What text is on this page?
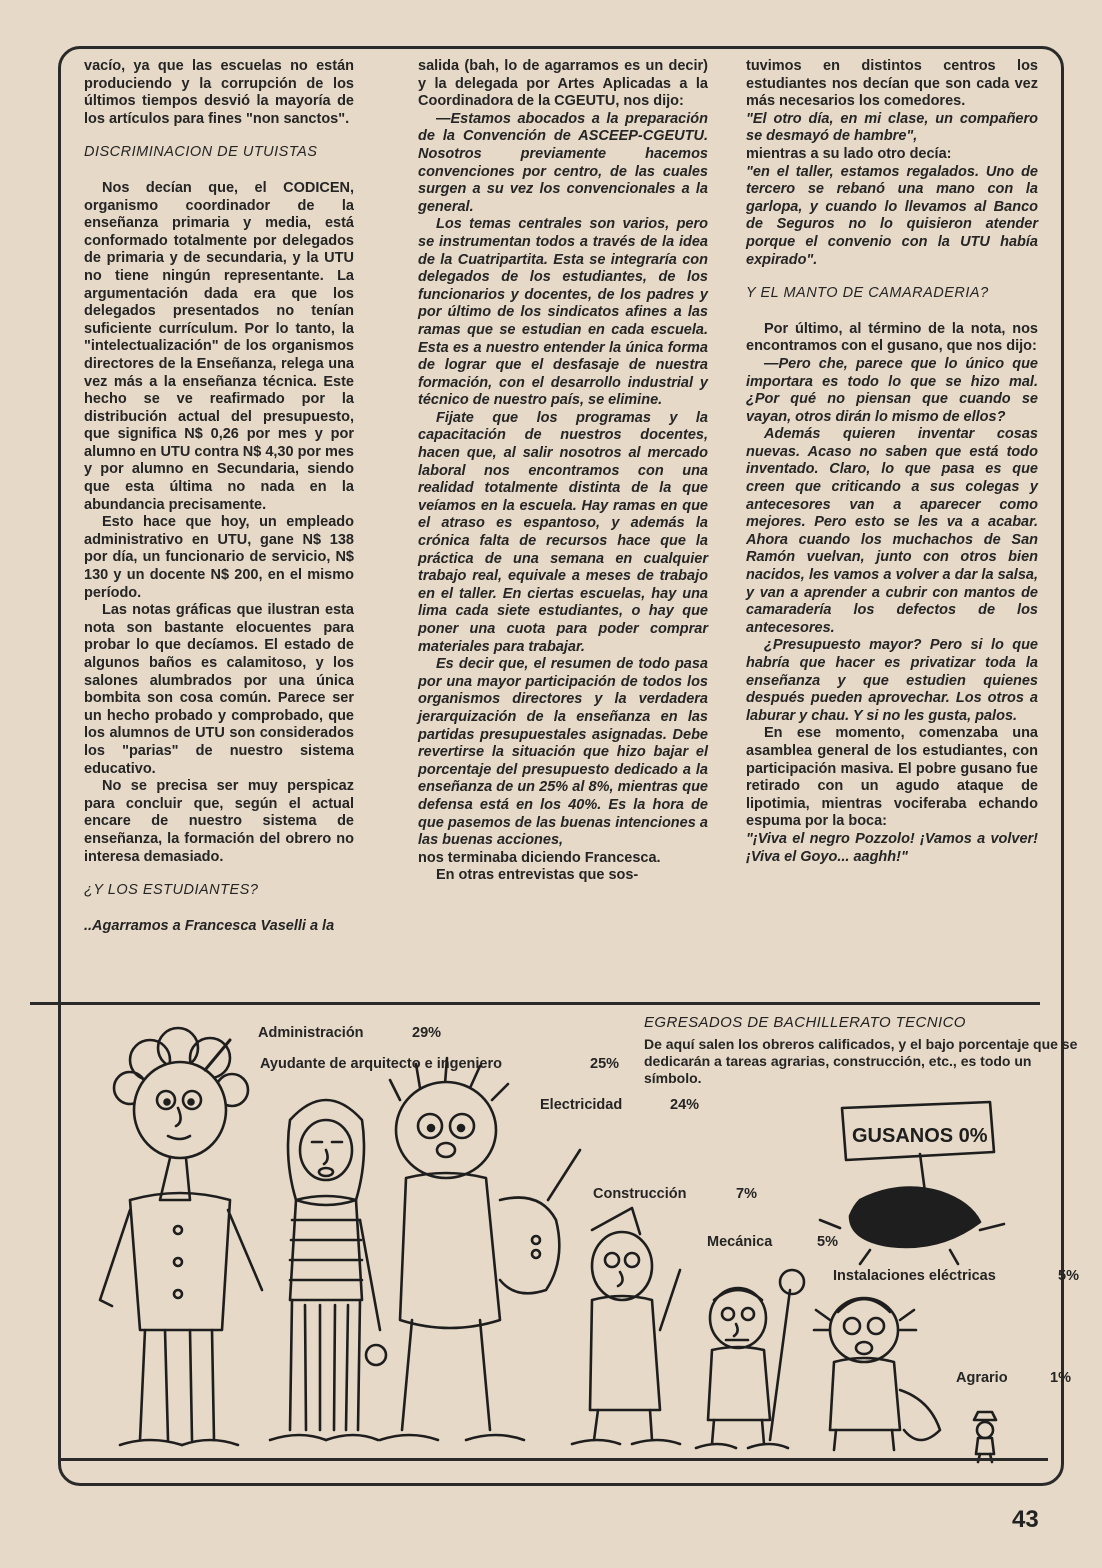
vacío, ya que las escuelas no están produciendo y la corrupción de los últimos tiempos desvió la mayoría de los artículos para fines "non sanctos".

DISCRIMINACION DE UTUISTAS

Nos decían que, el CODICEN, organismo coordinador de la enseñanza primaria y media, está conformado totalmente por delegados de primaria y de secundaria, y la UTU no tiene ningún representante. La argumentación dada era que los delegados presentados no tenían suficiente currículum. Por lo tanto, la "intelectualización" de los organismos directores de la Enseñanza, relega una vez más a la enseñanza técnica. Este hecho se ve reafirmado por la distribución actual del presupuesto, que significa N$ 0,26 por mes y por alumno en UTU contra N$ 4,30 por mes y por alumno en Secundaria, siendo que esta última no nada en la abundancia precisamente.

Esto hace que hoy, un empleado administrativo en UTU, gane N$ 138 por día, un funcionario de servicio, N$ 130 y un docente N$ 200, en el mismo período.

Las notas gráficas que ilustran esta nota son bastante elocuentes para probar lo que decíamos. El estado de algunos baños es calamitoso, y los salones alumbrados por una única bombita son cosa común. Parece ser un hecho probado y comprobado, que los alumnos de UTU son considerados los "parias" de nuestro sistema educativo.

No se precisa ser muy perspicaz para concluir que, según el actual encare de nuestro sistema de enseñanza, la formación del obrero no interesa demasiado.

¿Y LOS ESTUDIANTES?

..Agarramos a Francesca Vaselli a la

salida (bah, lo de agarramos es un decir) y la delegada por Artes Aplicadas a la Coordinadora de la CGEUTU, nos dijo:

—Estamos abocados a la preparación de la Convención de ASCEEP-CGEUTU. Nosotros previamente hacemos convenciones por centro, de las cuales surgen a su vez los convencionales a la general.

Los temas centrales son varios, pero se instrumentan todos a través de la idea de la Cuatripartita. Esta se integraría con delegados de los estudiantes, de los funcionarios y docentes, de los padres y por último de los sindicatos afines a las ramas que se estudian en cada escuela. Esta es a nuestro entender la única forma de lograr que el desfasaje de nuestra formación, con el desarrollo industrial y técnico de nuestro país, se elimine.

Fijate que los programas y la capacitación de nuestros docentes, hacen que, al salir nosotros al mercado laboral nos encontramos con una realidad totalmente distinta de la que veíamos en la escuela. Hay ramas en que el atraso es espantoso, y además la crónica falta de recursos hace que la práctica de una semana en cualquier trabajo real, equivale a meses de trabajo en el taller. En ciertas escuelas, hay una lima cada siete estudiantes, o hay que poner una cuota para poder comprar materiales para trabajar.

Es decir que, el resumen de todo pasa por una mayor participación de todos los organismos directores y la verdadera jerarquización de la enseñanza en las partidas presupuestales asignadas. Debe revertirse la situación que hizo bajar el porcentaje del presupuesto dedicado a la enseñanza de un 25% al 8%, mientras que defensa está en los 40%. Es la hora de que pasemos de las buenas intenciones a las buenas acciones,

nos terminaba diciendo Francesca.

En otras entrevistas que sos-

tuvimos en distintos centros los estudiantes nos decían que son cada vez más necesarios los comedores.

"El otro día, en mi clase, un compañero se desmayó de hambre",

mientras a su lado otro decía:

"en el taller, estamos regalados. Uno de tercero se rebanó una mano con la garlopa, y cuando lo llevamos al Banco de Seguros no lo quisieron atender porque el convenio con la UTU había expirado".

Y EL MANTO DE CAMARADERIA?

Por último, al término de la nota, nos encontramos con el gusano, que nos dijo:

—Pero che, parece que lo único que importara es todo lo que se hizo mal. ¿Por qué no piensan que cuando se vayan, otros dirán lo mismo de ellos?

Además quieren inventar cosas nuevas. Acaso no saben que está todo inventado. Claro, lo que pasa es que creen que criticando a sus colegas y antecesores van a aparecer como mejores. Pero esto se les va a acabar. Ahora cuando los muchachos de San Ramón vuelvan, junto con otros bien nacidos, les vamos a volver a dar la salsa, y van a aprender a cubrir con mantos de camaradería los defectos de los antecesores.

¿Presupuesto mayor? Pero si lo que habría que hacer es privatizar toda la enseñanza y que estudien quienes después pueden aprovechar. Los otros a laburar y chau. Y si no les gusta, palos.

En ese momento, comenzaba una asamblea general de los estudiantes, con participación masiva. El pobre gusano fue retirado con un agudo ataque de lipotimia, mientras vociferaba echando espuma por la boca:

"¡Viva el negro Pozzolo! ¡Vamos a volver! ¡Viva el Goyo... aaghh!"

EGRESADOS DE BACHILLERATO TECNICO
De aquí salen los obreros calificados, y el bajo porcentaje que se dedicarán a tareas agrarias, construcción, etc., es todo un símbolo.
Administración	29%
Ayudante de arquitecto e ingeniero	25%
Electricidad	24%
Construcción	7%
Mecánica	5%
Instalaciones eléctricas	5%
Agrario	1%
GUSANOS 0%
43
